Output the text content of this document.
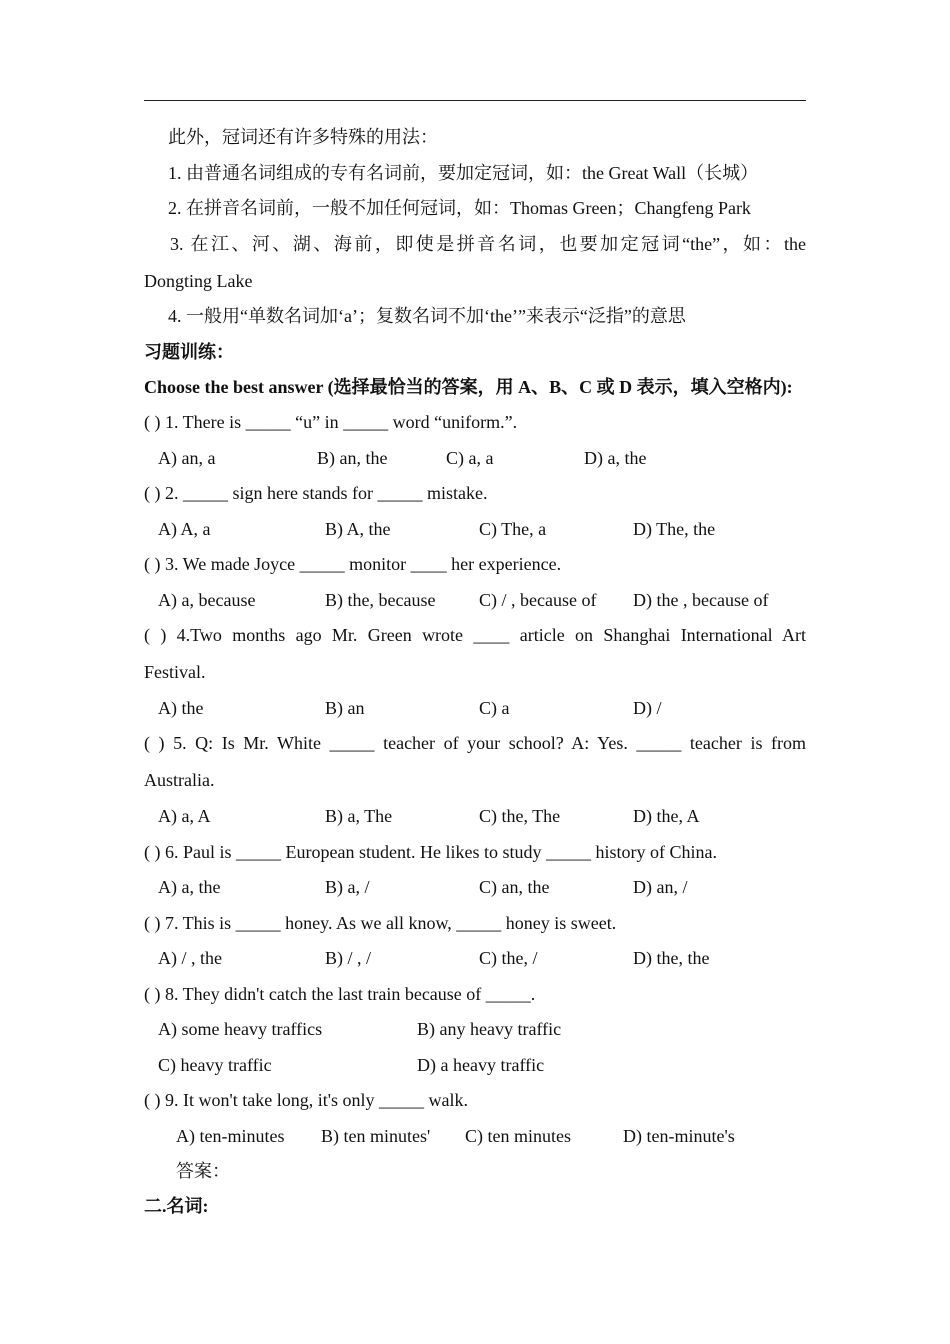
此外，冠词还有许多特殊的用法：
1. 由普通名词组成的专有名词前，要加定冠词，如：the Great Wall（长城）
2. 在拼音名词前，一般不加任何冠词，如：Thomas Green；Changfeng Park
3. 在江、河、湖、海前，即使是拼音名词，也要加定冠词“the”，如：the
Dongting Lake
4. 一般用“单数名词加‘a’；复数名词不加‘the’”来表示“泛指”的意思
习题训练：
Choose the best answer (选择最恰当的答案，用 A、B、C 或 D 表示，填入空格内):
( ) 1. There is _____ “u” in _____ word “uniform.”.
A) an, a	B) an, the	C) a, a	D) a, the
( ) 2. _____ sign here stands for _____ mistake.
A) A, a	B) A, the	C) The, a	D) The, the
( ) 3. We made Joyce _____ monitor ____ her experience.
A) a, because	B) the, because C) / , because of D) the , because of
( ) 4.Two months ago Mr. Green wrote ____ article on Shanghai International Art
Festival.
A) the	B) an	C) a	D) /
( ) 5. Q: Is Mr. White _____ teacher of your school? A: Yes. _____ teacher is from
Australia.
A) a, A	B) a, The	C) the, The	D) the, A
( ) 6. Paul is _____ European student. He likes to study _____ history of China.
A) a, the	B) a, /	C) an, the	D) an, /
( ) 7. This is _____ honey. As we all know, _____ honey is sweet.
A) / , the	B) / , /	C) the, /	D) the, the
( ) 8. They didn't catch the last train because of _____.
A) some heavy traffics	B) any heavy traffic
C) heavy traffic	D) a heavy traffic
( ) 9. It won't take long, it's only _____ walk.
A) ten-minutes B) ten minutes' C) ten minutes	D) ten-minute's
答案：
二.名词:
